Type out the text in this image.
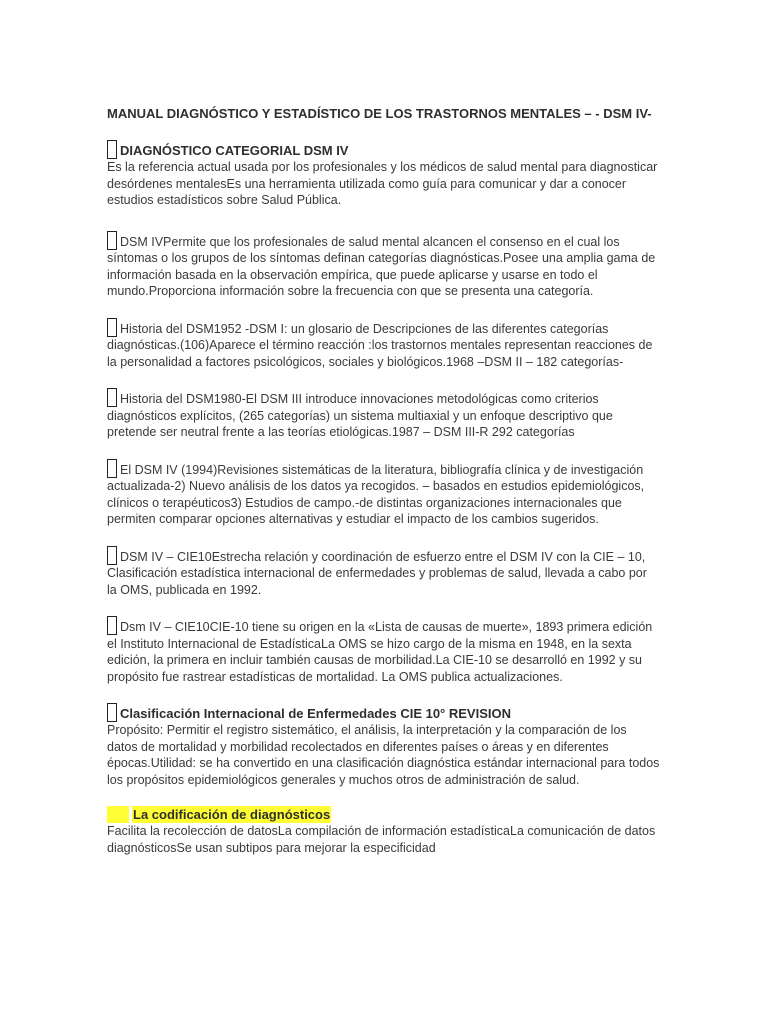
MANUAL DIAGNÓSTICO Y ESTADÍSTICO DE LOS TRASTORNOS MENTALES – - DSM IV-
DIAGNÓSTICO CATEGORIAL DSM IV
Es la referencia actual usada por los profesionales y los médicos de salud mental para diagnosticar desórdenes mentalesEs una herramienta utilizada como guía para comunicar y dar a conocer estudios estadísticos sobre Salud Pública.
DSM IVPermite que los profesionales de salud mental alcancen el consenso en el cual los síntomas o los grupos de los síntomas definan categorías diagnósticas.Posee una amplia gama de información basada en la observación empírica, que puede aplicarse y usarse en todo el mundo.Proporciona información sobre la frecuencia con que se presenta una categoría.
Historia del DSM1952 -DSM I: un glosario de Descripciones de las diferentes categorías diagnósticas.(106)Aparece el término reacción :los trastornos mentales representan reacciones de la personalidad a factores psicológicos, sociales y biológicos.1968 –DSM II – 182 categorías-
Historia del DSM1980-El DSM III introduce innovaciones metodológicas como criterios diagnósticos explícitos, (265 categorías) un sistema multiaxial y un enfoque descriptivo que pretende ser neutral frente a las teorías etiológicas.1987 – DSM III-R 292 categorías
El DSM IV (1994)Revisiones sistemáticas de la literatura, bibliografía clínica y de investigación actualizada-2) Nuevo análisis de los datos ya recogidos. – basados en estudios epidemiológicos, clínicos o terapéuticos3) Estudios de campo.-de distintas organizaciones internacionales que permiten comparar opciones alternativas y estudiar el impacto de los cambios sugeridos.
DSM IV – CIE10Estrecha relación y coordinación de esfuerzo entre el DSM IV con la CIE – 10, Clasificación estadística internacional de enfermedades y problemas de salud, llevada a cabo por la OMS, publicada en 1992.
Dsm IV – CIE10CIE-10 tiene su origen en la «Lista de causas de muerte», 1893 primera edición el Instituto Internacional de EstadísticaLa OMS se hizo cargo de la misma en 1948, en la sexta edición, la primera en incluir también causas de morbilidad.La CIE-10 se desarrolló en 1992 y su propósito fue rastrear estadísticas de mortalidad. La OMS publica actualizaciones.
Clasificación Internacional de Enfermedades CIE 10° REVISION
Propósito: Permitir el registro sistemático, el análisis, la interpretación y la comparación de los datos de mortalidad y morbilidad recolectados en diferentes países o áreas y en diferentes épocas.Utilidad: se ha convertido en una clasificación diagnóstica estándar internacional para todos los propósitos epidemiológicos generales y muchos otros de administración de salud.
La codificación de diagnósticos
Facilita la recolección de datosLa compilación de información estadísticaLa comunicación de datos diagnósticosSe usan subtipos para mejorar la especificidad
